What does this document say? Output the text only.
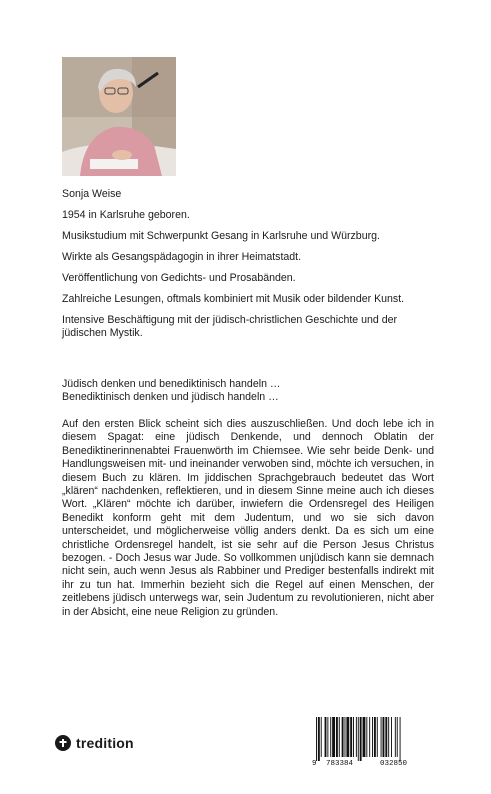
Sonja Weise
1954 in Karlsruhe geboren.
Musikstudium mit Schwerpunkt Gesang in Karlsruhe und Würzburg.
Wirkte als Gesangspädagogin in ihrer Heimatstadt.
Veröffentlichung von Gedichts- und Prosabänden.
Zahlreiche Lesungen, oftmals kombiniert mit Musik oder bildender Kunst.
Intensive Beschäftigung mit der jüdisch-christlichen Geschichte und der jüdischen Mystik.
Jüdisch denken und benediktinisch handeln …
Benediktinisch denken und jüdisch handeln …
Auf den ersten Blick scheint sich dies auszuschließen. Und doch lebe ich in diesem Spagat: eine jüdisch Denkende, und dennoch Oblatin der Benediktinerinnenabtei Frauenwörth im Chiemsee. Wie sehr beide Denk- und Handlungsweisen mit- und ineinander verwoben sind, möchte ich versuchen, in diesem Buch zu klären. Im jiddischen Sprachgebrauch bedeutet das Wort „klären“ nachdenken, reflektieren, und in diesem Sinne meine auch ich dieses Wort. „Klären“ möchte ich darüber, inwiefern die Ordensregel des Heiligen Benedikt konform geht mit dem Judentum, und wo sie sich davon unterscheidet, und möglicherweise völlig anders denkt. Da es sich um eine christliche Ordensregel handelt, ist sie sehr auf die Person Jesus Christus bezogen. - Doch Jesus war Jude. So vollkommen unjüdisch kann sie demnach nicht sein, auch wenn Jesus als Rabbiner und Prediger bestenfalls indirekt mit ihr zu tun hat. Immerhin bezieht sich die Regel auf einen Menschen, der zeitlebens jüdisch unterwegs war, sein Judentum zu revolutionieren, nicht aber in der Absicht, eine neue Religion zu gründen.
tredition
9 783384	032850
